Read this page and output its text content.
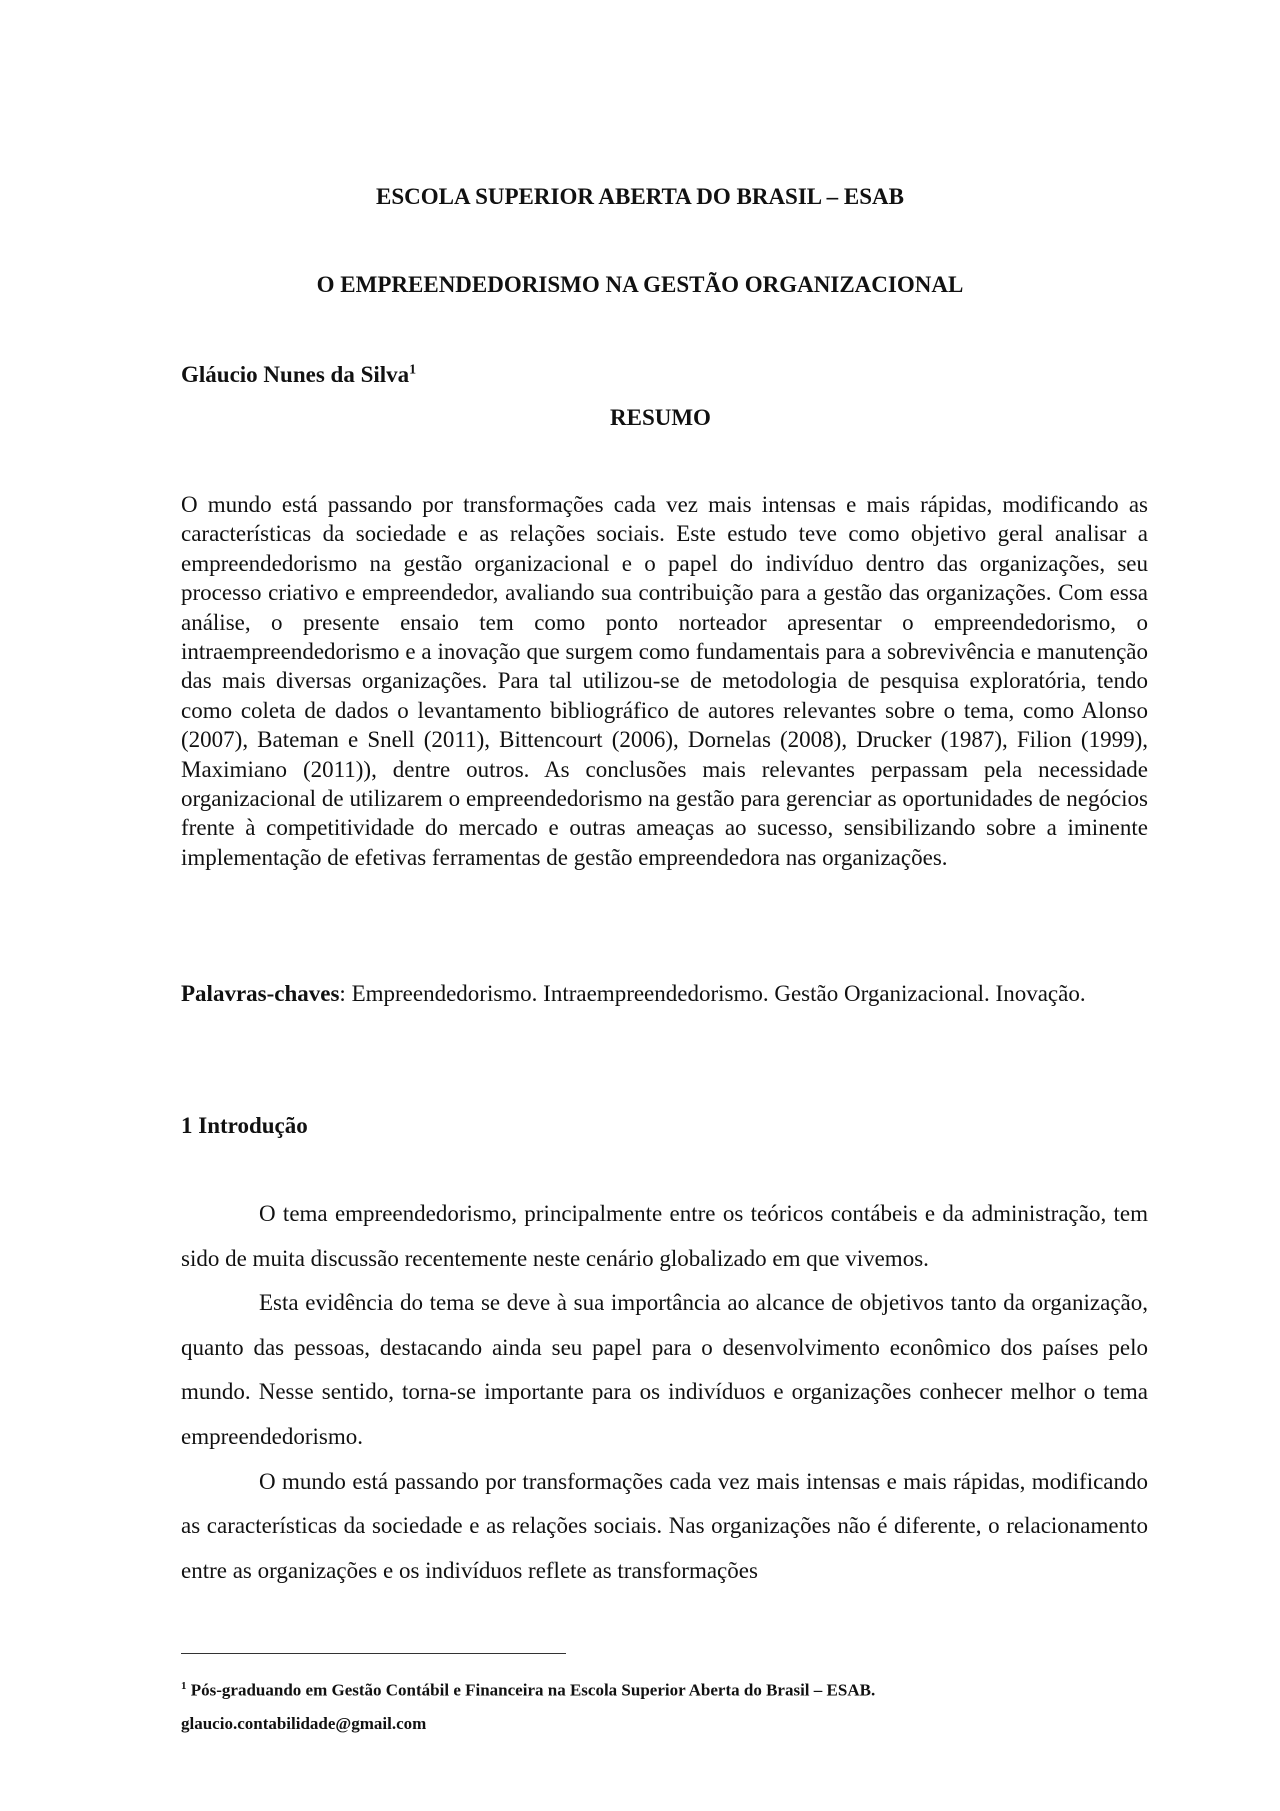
ESCOLA SUPERIOR ABERTA DO BRASIL – ESAB
O EMPREENDEDORISMO NA GESTÃO ORGANIZACIONAL
Gláucio Nunes da Silva$^1$
RESUMO

O mundo está passando por transformações cada vez mais intensas e mais rápidas, modificando as características da sociedade e as relações sociais. Este estudo teve como objetivo geral analisar a empreendedorismo na gestão organizacional e o papel do indivíduo dentro das organizações, seu processo criativo e empreendedor, avaliando sua contribuição para a gestão das organizações. Com essa análise, o presente ensaio tem como ponto norteador apresentar o empreendedorismo, o intraempreendedorismo e a inovação que surgem como fundamentais para a sobrevivência e manutenção das mais diversas organizações. Para tal utilizou-se de metodologia de pesquisa exploratória, tendo como coleta de dados o levantamento bibliográfico de autores relevantes sobre o tema, como Alonso (2007), Bateman e Snell (2011), Bittencourt (2006), Dornelas (2008), Drucker (1987), Filion (1999), Maximiano (2011)), dentre outros. As conclusões mais relevantes perpassam pela necessidade organizacional de utilizarem o empreendedorismo na gestão para gerenciar as oportunidades de negócios frente à competitividade do mercado e outras ameaças ao sucesso, sensibilizando sobre a iminente implementação de efetivas ferramentas de gestão empreendedora nas organizações.

Palavras-chaves: Empreendedorismo. Intraempreendedorismo. Gestão Organizacional. Inovação.

1 Introdução

O tema empreendedorismo, principalmente entre os teóricos contábeis e da administração, tem sido de muita discussão recentemente neste cenário globalizado em que vivemos.

Esta evidência do tema se deve à sua importância ao alcance de objetivos tanto da organização, quanto das pessoas, destacando ainda seu papel para o desenvolvimento econômico dos países pelo mundo. Nesse sentido, torna-se importante para os indivíduos e organizações conhecer melhor o tema empreendedorismo.

O mundo está passando por transformações cada vez mais intensas e mais rápidas, modificando as características da sociedade e as relações sociais. Nas organizações não é diferente, o relacionamento entre as organizações e os indivíduos reflete as transformações

$^1$ Pós-graduando em Gestão Contábil e Financeira na Escola Superior Aberta do Brasil – ESAB.
glaucio.contabilidade@gmail.com
